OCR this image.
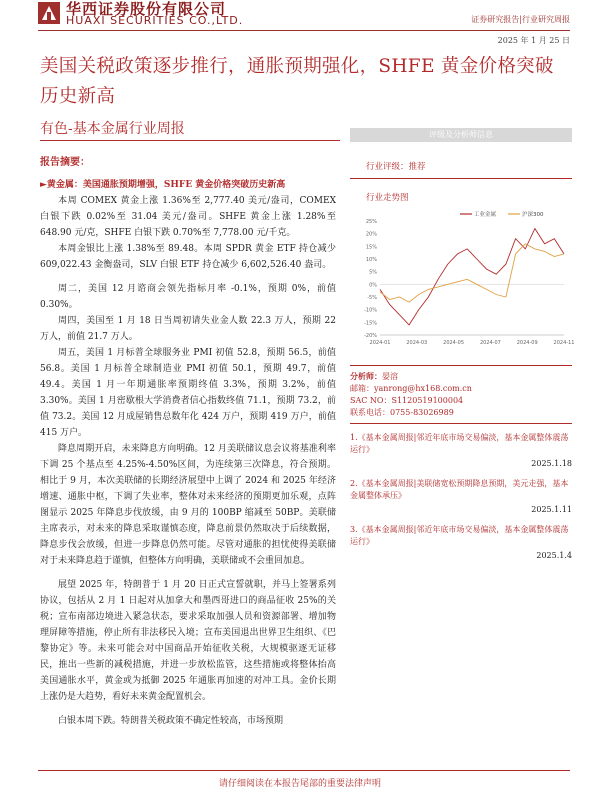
华西证券股份有限公司
HUAXI SECURITIES CO.,LTD.	证券研究报告|行业研究周报
2025 年 1 月 25 日
美国关税政策逐步推行，通胀预期强化，SHFE 黄金价格突破历史新高
有色-基本金属行业周报

报告摘要：

►黄金属：美国通胀预期增强，SHFE 黄金价格突破历史新高

本周 COMEX 黄金上涨 1.36%至 2,777.40 美元/盎司，COMEX 白银下跌 0.02%至 31.04 美元/盎司。SHFE 黄金上涨 1.28%至 648.90 元/克，SHFE 白银下跌 0.70%至 7,778.00 元/千克。

本周金银比上涨 1.38%至 89.48。本周 SPDR 黄金 ETF 持仓减少 609,022.43 金衡盎司，SLV 白银 ETF 持仓减少 6,602,526.40 盎司。

周二，美国 12 月谘商会领先指标月率 -0.1%，预期 0%，前值 0.30%。

周四，美国至 1 月 18 日当周初请失业金人数 22.3 万人，预期 22 万人，前值 21.7 万人。

周五，美国 1 月标普全球服务业 PMI 初值 52.8，预期 56.5，前值 56.8。美国 1 月标普全球制造业 PMI 初值 50.1，预期 49.7，前值 49.4。美国 1 月一年期通胀率预期终值 3.3%，预期 3.2%，前值 3.30%。美国 1 月密歇根大学消费者信心指数终值 71.1，预期 73.2，前值 73.2。美国 12 月成屋销售总数年化 424 万户，预期 419 万户，前值 415 万户。

降息周期开启，未来降息方向明确。12 月美联储议息会议将基准利率下调 25 个基点至 4.25%-4.50%区间，为连续第三次降息，符合预期。相比于 9 月，本次美联储的长期经济展望中上调了 2024 和 2025 年经济增速、通胀中枢，下调了失业率，整体对未来经济的预期更加乐观，点阵图显示 2025 年降息步伐放缓，由 9 月的 100BP 缩减至 50BP。美联储主席表示，对未来的降息采取谨慎态度，降息前景仍然取决于后续数据，降息步伐会放缓，但进一步降息仍然可能。尽管对通胀的担忧使得美联储对于未来降息趋于谨慎，但整体方向明确，美联储或不会重回加息。

展望 2025 年，特朗普于 1 月 20 日正式宣誓就职，并马上签署系列协议，包括从 2 月 1 日起对从加拿大和墨西哥进口的商品征收 25%的关税；宣布南部边境进入紧急状态，要求采取加强人员和资源部署、增加物理屏障等措施，停止所有非法移民入境；宣布美国退出世界卫生组织、《巴黎协定》等。未来可能会对中国商品开始征收关税，大规模驱逐无证移民，推出一些新的减税措施，并进一步放松监管，这些措施或将整体抬高美国通胀水平，黄金或为抵御 2025 年通胀再加速的对冲工具。金价长期上涨仍是大趋势，看好未来黄金配置机会。

白银本周下跌。特朗普关税政策不确定性较高，市场预期

评级及分析师信息
行业评级：推荐
行业走势图
25%
20%
15%
10%
5%
0%
-5%
-10%
-15%
-20%
2024-01	2024-03	2024-05	2024-07	2024-09	2024-11
工业金属	沪深300
分析师：晏溶
邮箱：yanrong@hx168.com.cn
SAC NO：S1120519100004
联系电话：0755-83026989
1.《基本金属周报|邻近年底市场交易偏淡，基本金属整体震荡运行》
2025.1.18
2.《基本金属周报|美联储宽松预期降息预期，美元走强，基本金属整体承压》
2025.1.11
3.《基本金属周报|邻近年底市场交易偏淡，基本金属整体震荡运行》
2025.1.4
请仔细阅读在本报告尾部的重要法律声明
